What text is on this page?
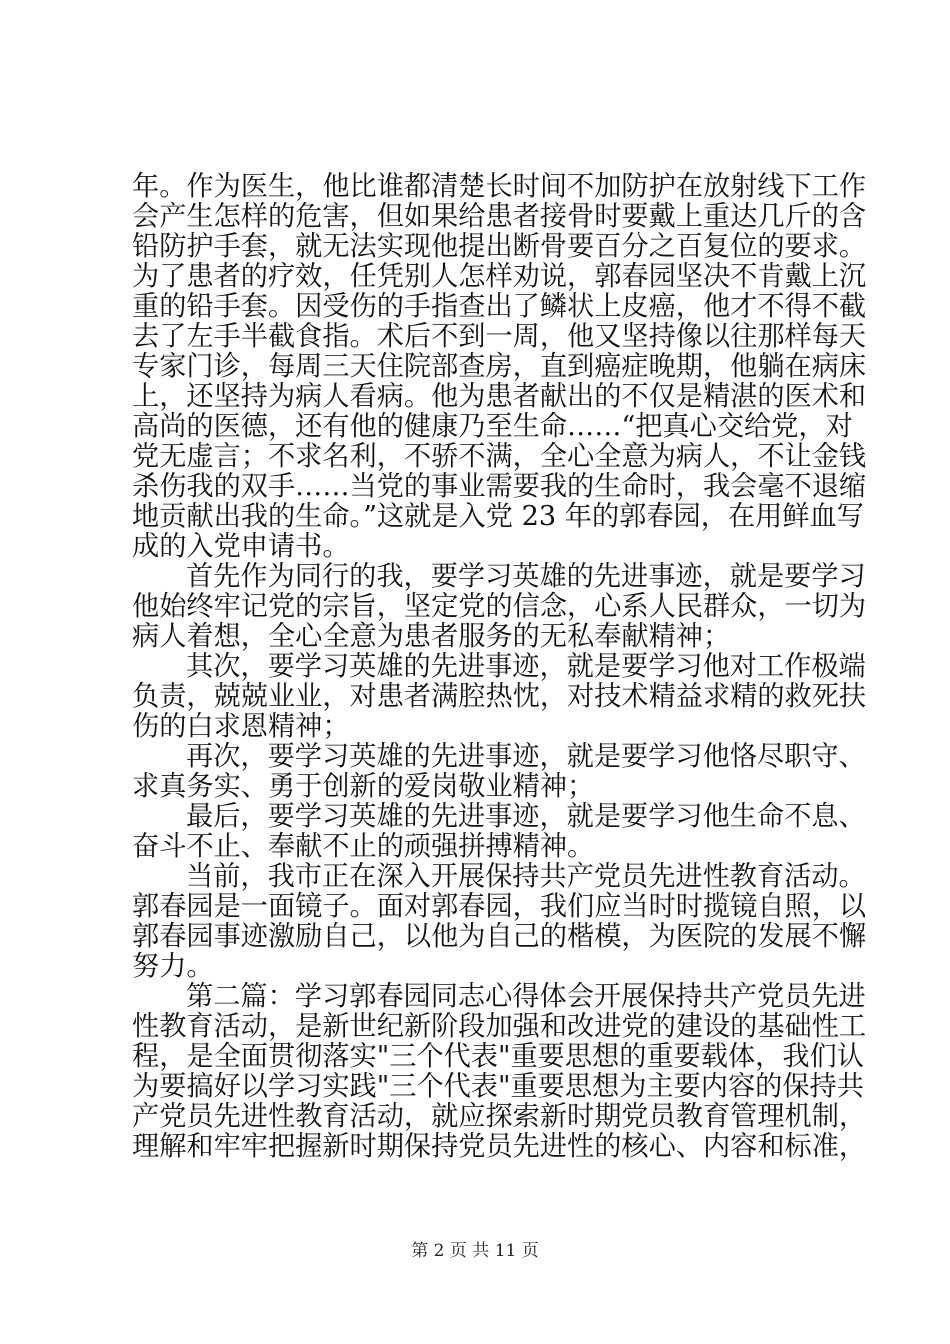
年。作为医生，他比谁都清楚长时间不加防护在放射线下工作
会产生怎样的危害，但如果给患者接骨时要戴上重达几斤的含
铅防护手套，就无法实现他提出断骨要百分之百复位的要求。
为了患者的疗效，任凭别人怎样劝说，郭春园坚决不肯戴上沉
重的铅手套。因受伤的手指查出了鳞状上皮癌，他才不得不截
去了左手半截食指。术后不到一周，他又坚持像以往那样每天
专家门诊，每周三天住院部查房，直到癌症晚期，他躺在病床
上，还坚持为病人看病。他为患者献出的不仅是精湛的医术和
高尚的医德，还有他的健康乃至生命……“把真心交给党，对
党无虚言；不求名利，不骄不满，全心全意为病人，不让金钱
杀伤我的双手……当党的事业需要我的生命时，我会毫不退缩
地贡献出我的生命。”这就是入党 23 年的郭春园，在用鲜血写
成的入党申请书。
首先作为同行的我，要学习英雄的先进事迹，就是要学习
他始终牢记党的宗旨，坚定党的信念，心系人民群众，一切为
病人着想，全心全意为患者服务的无私奉献精神；
其次，要学习英雄的先进事迹，就是要学习他对工作极端
负责，兢兢业业，对患者满腔热忱，对技术精益求精的救死扶
伤的白求恩精神；
再次，要学习英雄的先进事迹，就是要学习他恪尽职守、
求真务实、勇于创新的爱岗敬业精神；
最后，要学习英雄的先进事迹，就是要学习他生命不息、
奋斗不止、奉献不止的顽强拼搏精神。
当前，我市正在深入开展保持共产党员先进性教育活动。
郭春园是一面镜子。面对郭春园，我们应当时时揽镜自照，以
郭春园事迹激励自己，以他为自己的楷模，为医院的发展不懈
努力。
第二篇：学习郭春园同志心得体会开展保持共产党员先进
性教育活动，是新世纪新阶段加强和改进党的建设的基础性工
程，是全面贯彻落实"三个代表"重要思想的重要载体，我们认
为要搞好以学习实践"三个代表"重要思想为主要内容的保持共
产党员先进性教育活动，就应探索新时期党员教育管理机制，
理解和牢牢把握新时期保持党员先进性的核心、内容和标准，
第 2 页 共 11 页
